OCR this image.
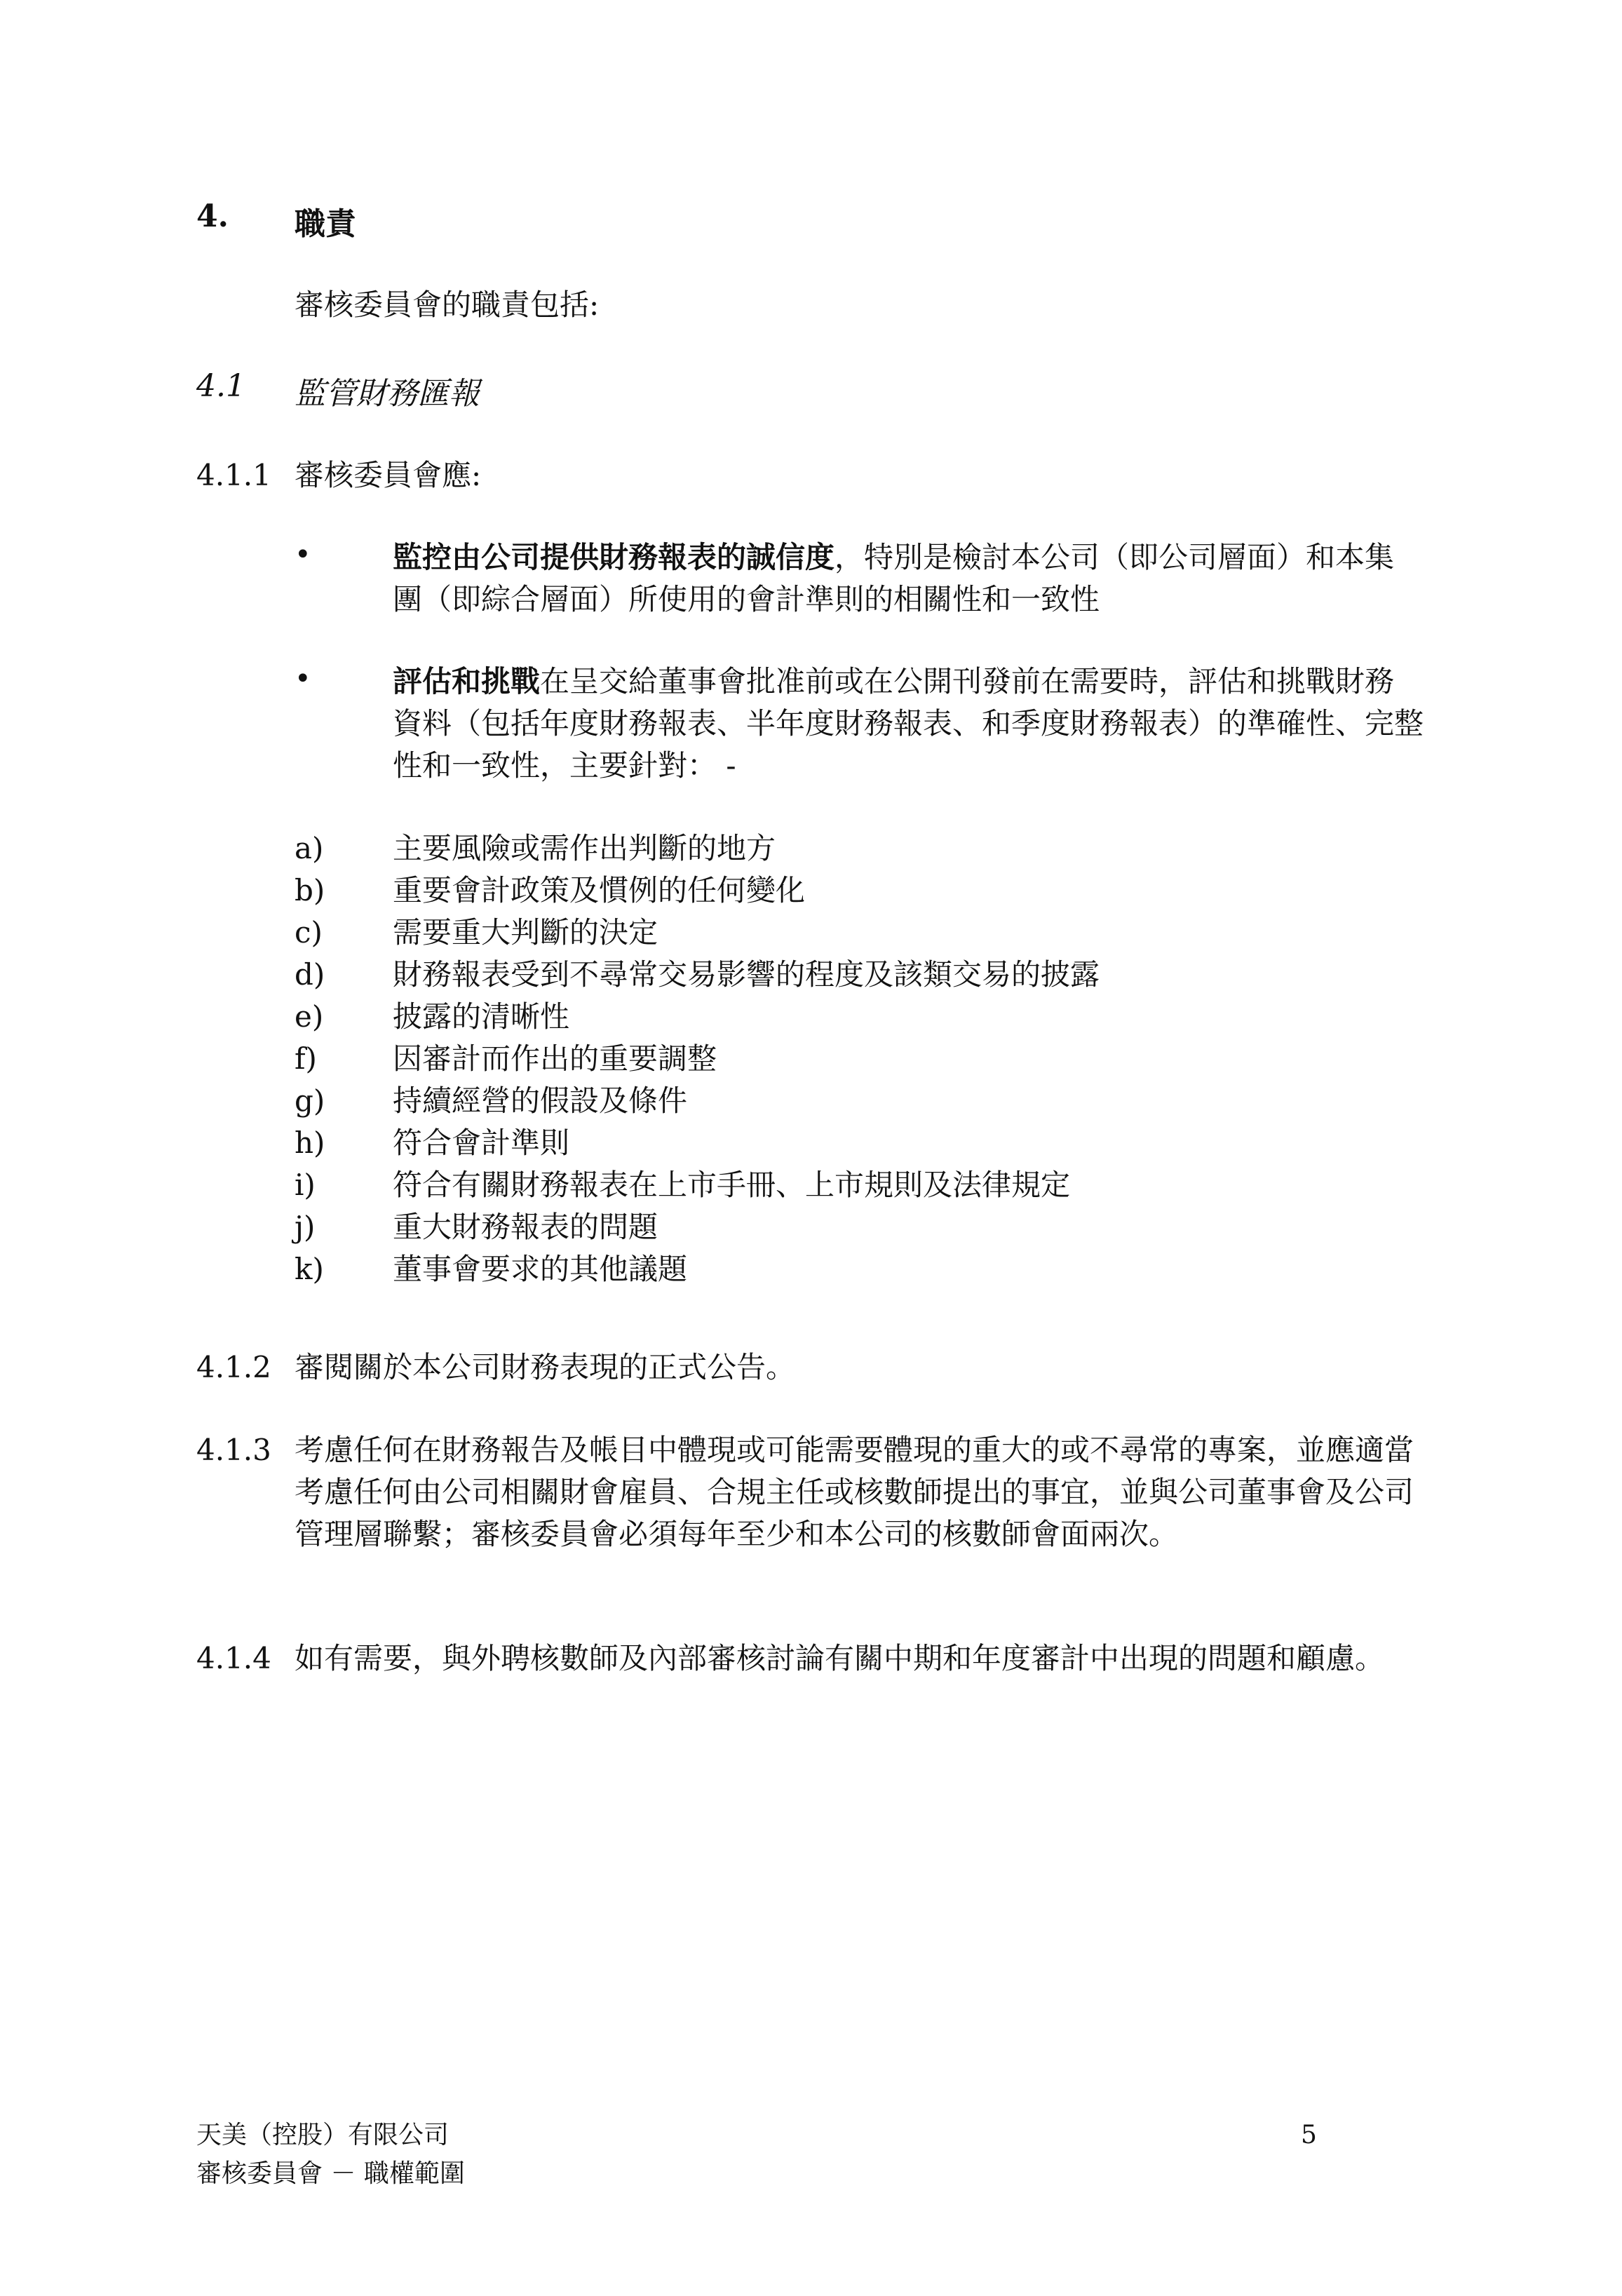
4. 職責
審核委員會的職責包括:
4.1 監管財務匯報
4.1.1 審核委員會應:
•	監控由公司提供財務報表的誠信度，特別是檢討本公司（即公司層面）和本集團（即綜合層面）所使用的會計準則的相關性和一致性
•	評估和挑戰在呈交給董事會批准前或在公開刊發前在需要時，評估和挑戰財務資料（包括年度財務報表、半年度財務報表、和季度財務報表）的準確性、完整性和一致性，主要針對： -
a) 主要風險或需作出判斷的地方
b) 重要會計政策及慣例的任何變化
c) 需要重大判斷的決定
d) 財務報表受到不尋常交易影響的程度及該類交易的披露
e) 披露的清晰性
f)	因審計而作出的重要調整
g) 持續經營的假設及條件
h) 符合會計準則
i)	符合有關財務報表在上市手冊、上市規則及法律規定
j)	重大財務報表的問題
k) 董事會要求的其他議題
4.1.2 審閱關於本公司財務表現的正式公告。
4.1.3 考慮任何在財務報告及帳目中體現或可能需要體現的重大的或不尋常的專案，並應適當考慮任何由公司相關財會雇員、合規主任或核數師提出的事宜，並與公司董事會及公司管理層聯繫；審核委員會必須每年至少和本公司的核數師會面兩次。
4.1.4 如有需要，與外聘核數師及內部審核討論有關中期和年度審計中出現的問題和顧慮。
天美（控股）有限公司
審核委員會 － 職權範圍
5
